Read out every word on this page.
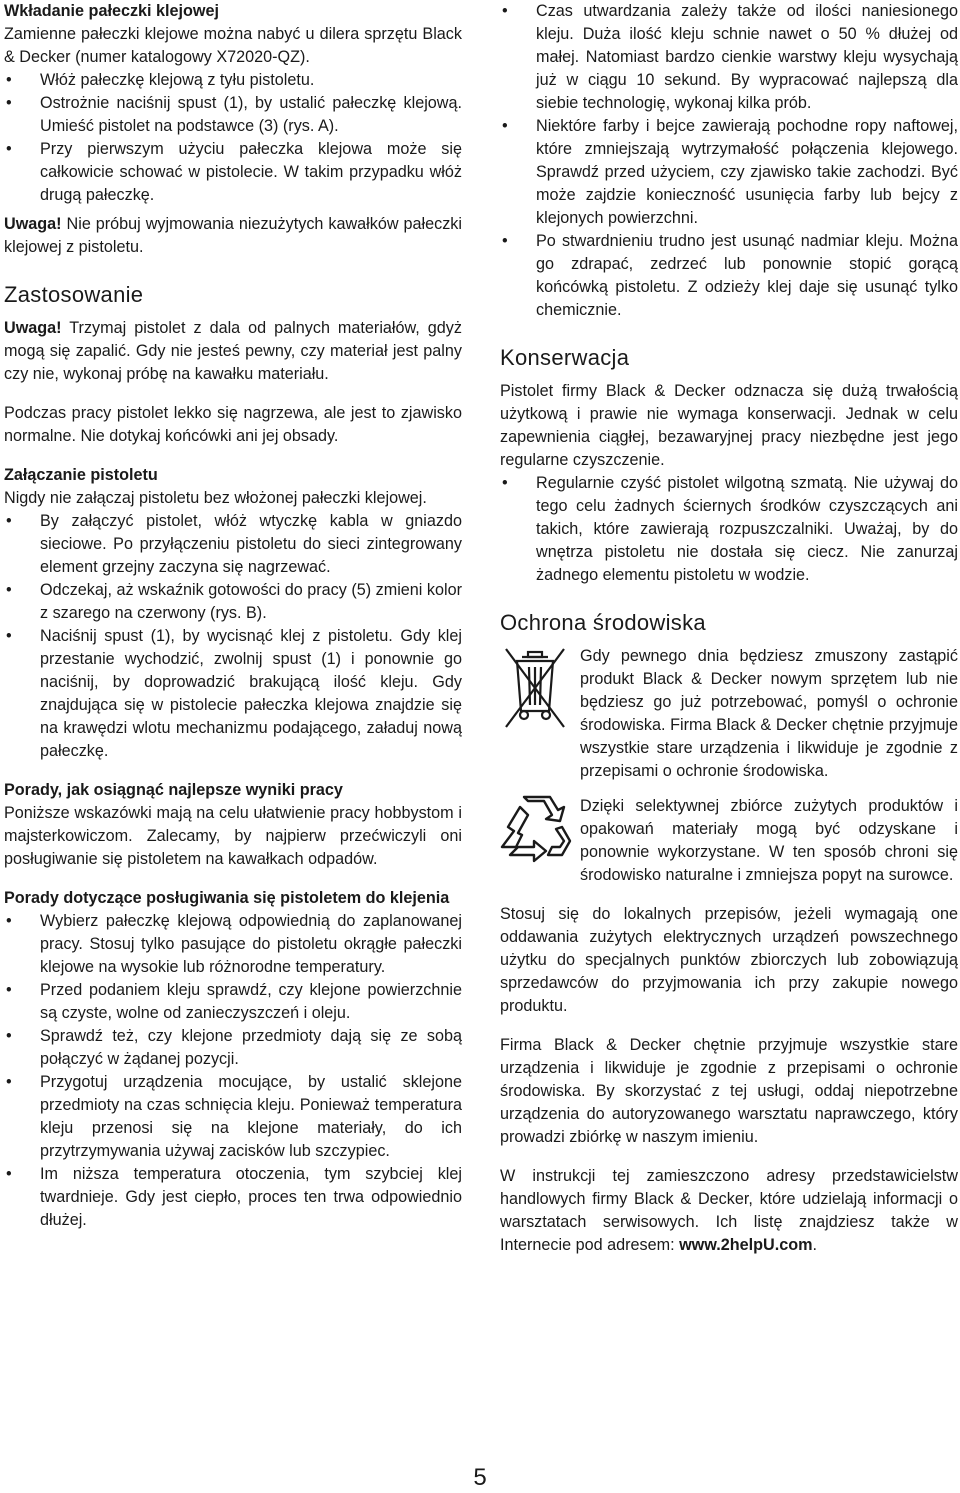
Wkładanie pałeczki klejowej

Zamienne pałeczki klejowe można nabyć u dilera sprzętu Black & Decker (numer katalogowy X72020-QZ).

• Włóż pałeczkę klejową z tyłu pistoletu.
• Ostrożnie naciśnij spust (1), by ustalić pałeczkę klejową. Umieść pistolet na podstawce (3) (rys. A).
• Przy pierwszym użyciu pałeczka klejowa może się całkowicie schować w pistolecie. W takim przypadku włóż drugą pałeczkę.

Uwaga! Nie próbuj wyjmowania niezużytych kawałków pałeczki klejowej z pistoletu.

Zastosowanie

Uwaga! Trzymaj pistolet z dala od palnych materiałów, gdyż mogą się zapalić. Gdy nie jesteś pewny, czy materiał jest palny czy nie, wykonaj próbę na kawałku materiału.

Podczas pracy pistolet lekko się nagrzewa, ale jest to zjawisko normalne. Nie dotykaj końcówki ani jej obsady.

Załączanie pistoletu

Nigdy nie załączaj pistoletu bez włożonej pałeczki klejowej.

• By załączyć pistolet, włóż wtyczkę kabla w gniazdo sieciowe. Po przyłączeniu pistoletu do sieci zintegrowany element grzejny zaczyna się nagrzewać.
• Odczekaj, aż wskaźnik gotowości do pracy (5) zmieni kolor z szarego na czerwony (rys. B).
• Naciśnij spust (1), by wycisnąć klej z pistoletu. Gdy klej przestanie wychodzić, zwolnij spust (1) i ponownie go naciśnij, by doprowadzić brakującą ilość kleju. Gdy znajdująca się w pistolecie pałeczka klejowa znajdzie się na krawędzi wlotu mechanizmu podającego, załaduj nową pałeczkę.

Porady, jak osiągnąć najlepsze wyniki pracy

Poniższe wskazówki mają na celu ułatwienie pracy hobbystom i majsterkowiczom. Zalecamy, by najpierw przećwiczyli oni posługiwanie się pistoletem na kawałkach odpadów.

Porady dotyczące posługiwania się pistoletem do klejenia

• Wybierz pałeczkę klejową odpowiednią do zaplanowanej pracy. Stosuj tylko pasujące do pistoletu okrągłe pałeczki klejowe na wysokie lub różnorodne temperatury.
• Przed podaniem kleju sprawdź, czy klejone powierzchnie są czyste, wolne od zanieczyszczeń i oleju.
• Sprawdź też, czy klejone przedmioty dają się ze sobą połączyć w żądanej pozycji.
• Przygotuj urządzenia mocujące, by ustalić sklejone przedmioty na czas schnięcia kleju. Ponieważ temperatura kleju przenosi się na klejone materiały, do ich przytrzymywania używaj zacisków lub szczypiec.
• Im niższa temperatura otoczenia, tym szybciej klej twardnieje. Gdy jest ciepło, proces ten trwa odpowiednio dłużej.
• Czas utwardzania zależy także od ilości naniesionego kleju. Duża ilość kleju schnie nawet o 50 % dłużej od małej. Natomiast bardzo cienkie warstwy kleju wysychają już w ciągu 10 sekund. By wypracować najlepszą dla siebie technologię, wykonaj kilka prób.
• Niektóre farby i bejce zawierają pochodne ropy naftowej, które zmniejszają wytrzymałość połączenia klejowego. Sprawdź przed użyciem, czy zjawisko takie zachodzi. Być może zajdzie konieczność usunięcia farby lub bejcy z klejonych powierzchni.
• Po stwardnieniu trudno jest usunąć nadmiar kleju. Można go zdrapać, zedrzeć lub ponownie stopić gorącą końcówką pistoletu. Z odzieży klej daje się usunąć tylko chemicznie.

Konserwacja

Pistolet firmy Black & Decker odznacza się dużą trwałością użytkową i prawie nie wymaga konserwacji. Jednak w celu zapewnienia ciągłej, bezawaryjnej pracy niezbędne jest jego regularne czyszczenie.

• Regularnie czyść pistolet wilgotną szmatą. Nie używaj do tego celu żadnych ściernych środków czyszczących ani takich, które zawierają rozpuszczalniki. Uważaj, by do wnętrza pistoletu nie dostała się ciecz. Nie zanurzaj żadnego elementu pistoletu w wodzie.

Ochrona środowiska

Gdy pewnego dnia będziesz zmuszony zastąpić produkt Black & Decker nowym sprzętem lub nie będziesz go już potrzebować, pomyśl o ochronie środowiska. Firma Black & Decker chętnie przyjmuje wszystkie stare urządzenia i likwiduje je zgodnie z przepisami o ochronie środowiska.

Dzięki selektywnej zbiórce zużytych produktów i opakowań materiały mogą być odzyskane i ponownie wykorzystane. W ten sposób chroni się środowisko naturalne i zmniejsza popyt na surowce.

Stosuj się do lokalnych przepisów, jeżeli wymagają one oddawania zużytych elektrycznych urządzeń powszechnego użytku do specjalnych punktów zbiorczych lub zobowiązują sprzedawców do przyjmowania ich przy zakupie nowego produktu.

Firma Black & Decker chętnie przyjmuje wszystkie stare urządzenia i likwiduje je zgodnie z przepisami o ochronie środowiska. By skorzystać z tej usługi, oddaj niepotrzebne urządzenia do autoryzowanego warsztatu naprawczego, który prowadzi zbiórkę w naszym imieniu.

W instrukcji tej zamieszczono adresy przedstawicielstw handlowych firmy Black & Decker, które udzielają informacji o warsztatach serwisowych. Ich listę znajdziesz także w Internecie pod adresem: www.2helpU.com.

5
